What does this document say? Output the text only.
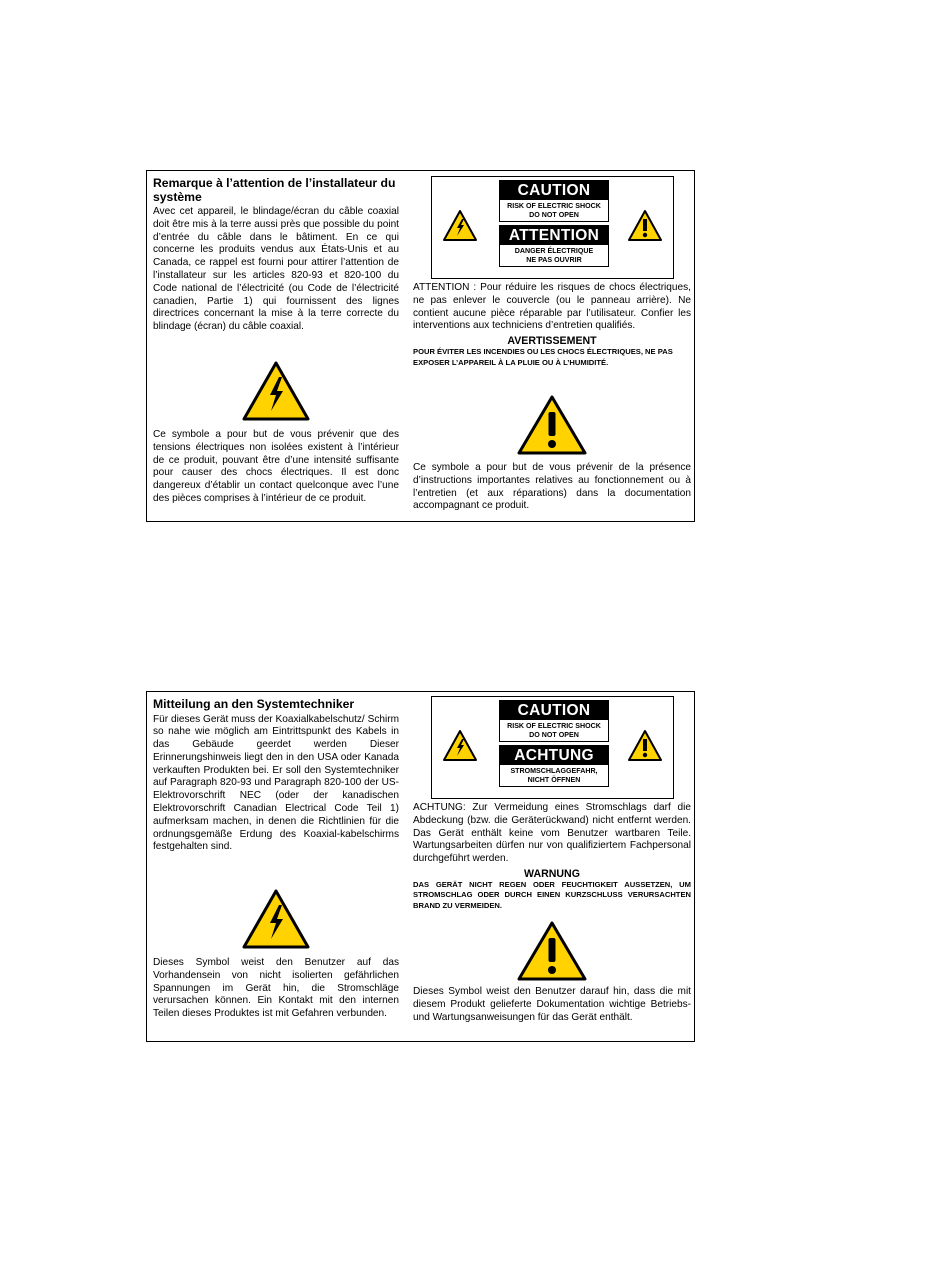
Remarque à l’attention de l’installateur du système

Avec cet appareil, le blindage/écran du câble coaxial doit être mis à la terre aussi près que possible du point d’entrée du câble dans le bâtiment. En ce qui concerne les produits vendus aux États-Unis et au Canada, ce rappel est fourni pour attirer l’attention de l’installateur sur les articles 820-93 et 820-100 du Code national de l’électricité (ou Code de l’électricité canadien, Partie 1) qui fournissent des lignes directrices concernant la mise à la terre correcte du blindage (écran) du câble coaxial.

Ce symbole a pour but de vous prévenir que des tensions électriques non isolées existent à l’intérieur de ce produit, pouvant être d’une intensité suffisante pour causer des chocs électriques. Il est donc dangereux d’établir un contact quelconque avec l’une des pièces comprises à l’intérieur de ce produit.

CAUTION
RISK OF ELECTRIC SHOCK
DO NOT OPEN
ATTENTION
DANGER ÉLECTRIQUE
NE PAS OUVRIR

ATTENTION : Pour réduire les risques de chocs électriques, ne pas enlever le couvercle (ou le panneau arrière). Ne contient aucune pièce réparable par l’utilisateur. Confier les interventions aux techniciens d’entretien qualifiés.

AVERTISSEMENT
POUR ÉVITER LES INCENDIES OU LES CHOCS ÉLECTRIQUES, NE PAS EXPOSER L’APPAREIL À LA PLUIE OU À L’HUMIDITÉ.

Ce symbole a pour but de vous prévenir de la présence d’instructions importantes relatives au fonctionnement ou à l’entretien (et aux réparations) dans la documentation accompagnant ce produit.

Mitteilung an den Systemtechniker

Für dieses Gerät muss der Koaxialkabelschutz/ Schirm so nahe wie möglich am Eintrittspunkt des Kabels in das Gebäude geerdet werden Dieser Erinnerungshinweis liegt den in den USA oder Kanada verkauften Produkten bei. Er soll den Systemtechniker auf Paragraph 820-93 und Paragraph 820-100 der US-Elektrovorschrift NEC (oder der kanadischen Elektrovorschrift Canadian Electrical Code Teil 1) aufmerksam machen, in denen die Richtlinien für die ordnungsgemäße Erdung des Koaxial-kabelschirms festgehalten sind.

Dieses Symbol weist den Benutzer auf das Vorhandensein von nicht isolierten gefährlichen Spannungen im Gerät hin, die Stromschläge verursachen können. Ein Kontakt mit den internen Teilen dieses Produktes ist mit Gefahren verbunden.

CAUTION
RISK OF ELECTRIC SHOCK
DO NOT OPEN
ACHTUNG
STROMSCHLAGGEFAHR,
NICHT ÖFFNEN

ACHTUNG: Zur Vermeidung eines Stromschlags darf die Abdeckung (bzw. die Geräterückwand) nicht entfernt werden. Das Gerät enthält keine vom Benutzer wartbaren Teile. Wartungsarbeiten dürfen nur von qualifiziertem Fachpersonal durchgeführt werden.

WARNUNG
DAS GERÄT NICHT REGEN ODER FEUCHTIGKEIT AUSSETZEN, UM STROMSCHLAG ODER DURCH EINEN KURZSCHLUSS VERURSACHTEN BRAND ZU VERMEIDEN.

Dieses Symbol weist den Benutzer darauf hin, dass die mit diesem Produkt gelieferte Dokumentation wichtige Betriebs- und Wartungsanweisungen für das Gerät enthält.
